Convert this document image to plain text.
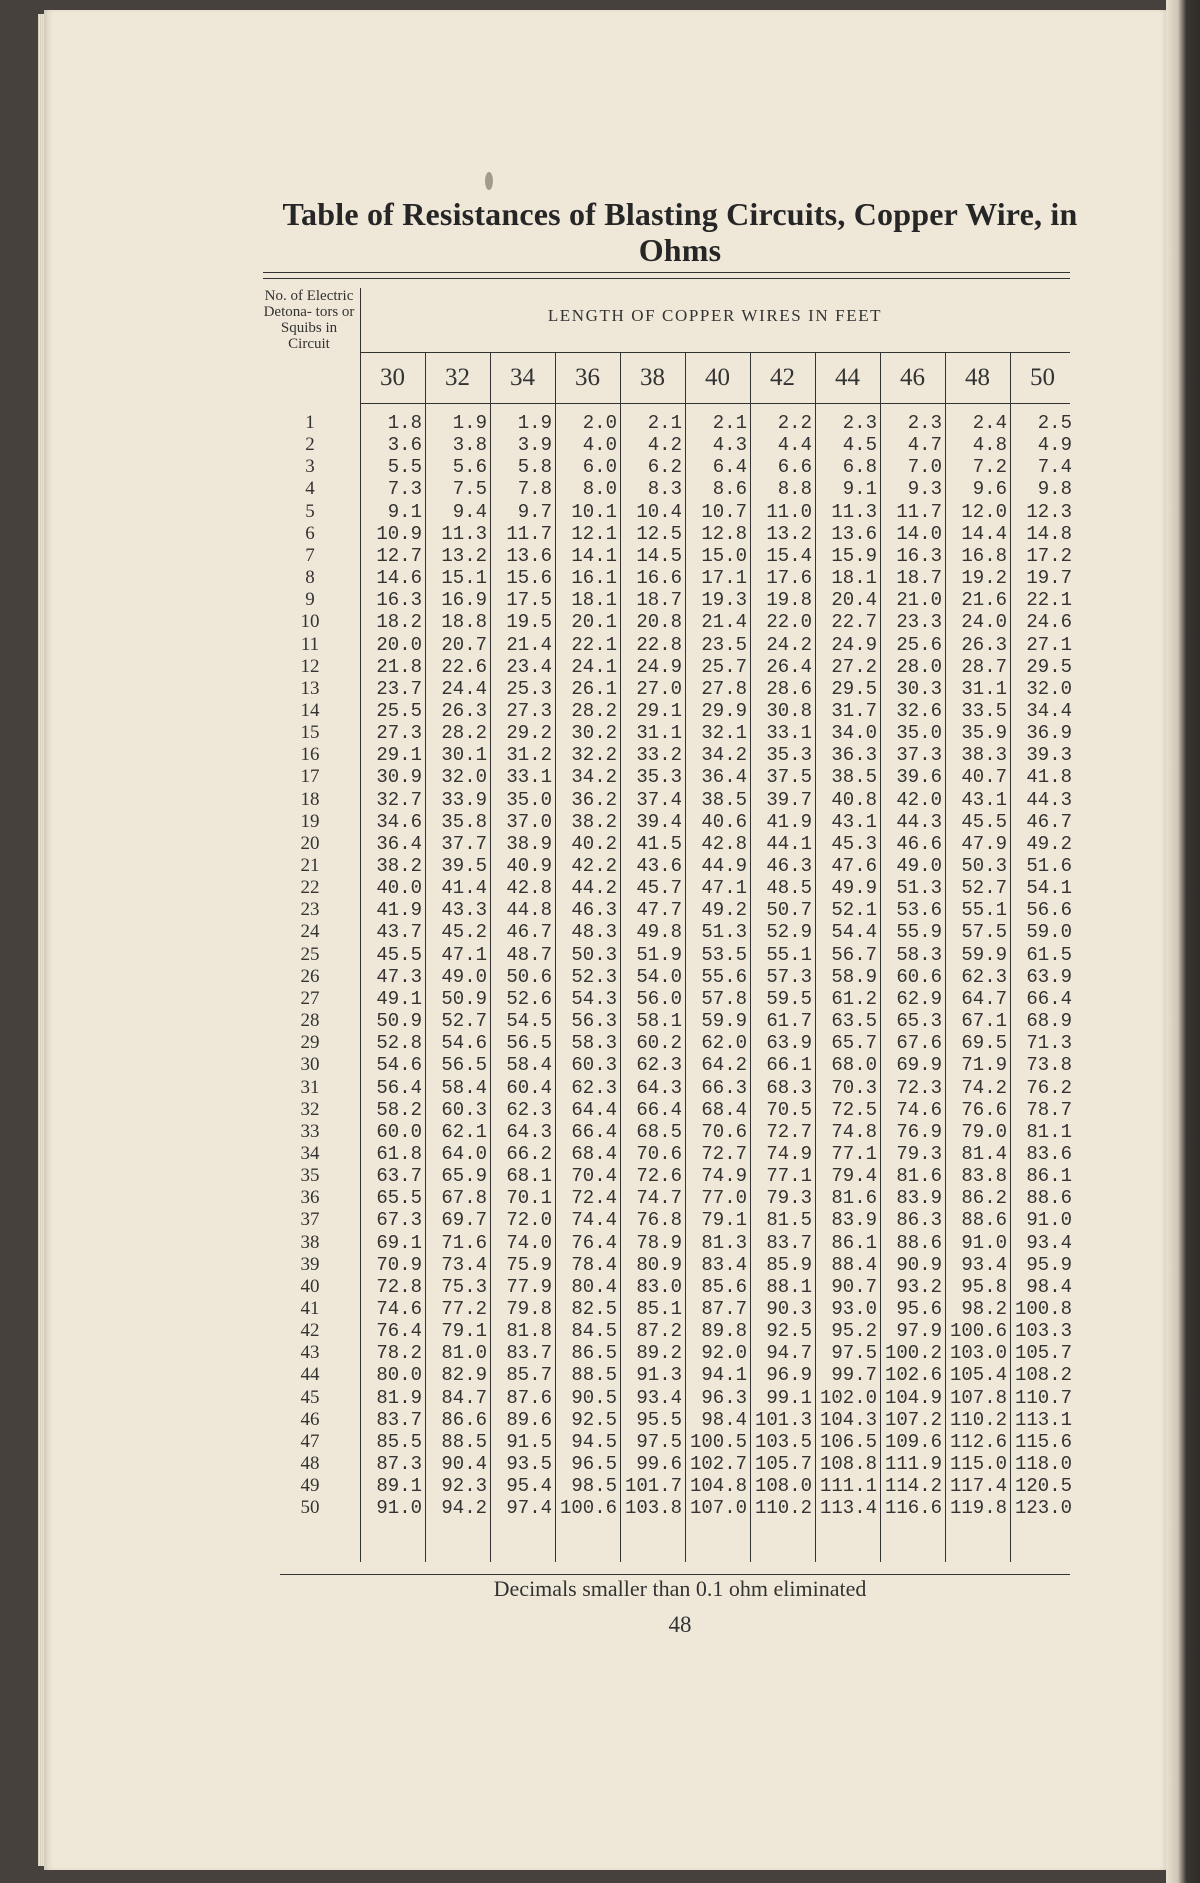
Table of Resistances of Blasting Circuits, Copper Wire, in Ohms
No. of Electric Detona- tors or Squibs in Circuit
LENGTH OF COPPER WIRES IN FEET
30	32	34	36	38	40	42	44	46	48	50
1	1.8	1.9	1.9	2.0	2.1	2.1	2.2	2.3	2.3	2.4	2.5
2	3.6	3.8	3.9	4.0	4.2	4.3	4.4	4.5	4.7	4.8	4.9
3	5.5	5.6	5.8	6.0	6.2	6.4	6.6	6.8	7.0	7.2	7.4
4	7.3	7.5	7.8	8.0	8.3	8.6	8.8	9.1	9.3	9.6	9.8
5	9.1	9.4	9.7	10.1	10.4	10.7	11.0	11.3	11.7	12.0	12.3
6	10.9	11.3	11.7	12.1	12.5	12.8	13.2	13.6	14.0	14.4	14.8
7	12.7	13.2	13.6	14.1	14.5	15.0	15.4	15.9	16.3	16.8	17.2
8	14.6	15.1	15.6	16.1	16.6	17.1	17.6	18.1	18.7	19.2	19.7
9	16.3	16.9	17.5	18.1	18.7	19.3	19.8	20.4	21.0	21.6	22.1
10	18.2	18.8	19.5	20.1	20.8	21.4	22.0	22.7	23.3	24.0	24.6
11	20.0	20.7	21.4	22.1	22.8	23.5	24.2	24.9	25.6	26.3	27.1
12	21.8	22.6	23.4	24.1	24.9	25.7	26.4	27.2	28.0	28.7	29.5
13	23.7	24.4	25.3	26.1	27.0	27.8	28.6	29.5	30.3	31.1	32.0
14	25.5	26.3	27.3	28.2	29.1	29.9	30.8	31.7	32.6	33.5	34.4
15	27.3	28.2	29.2	30.2	31.1	32.1	33.1	34.0	35.0	35.9	36.9
16	29.1	30.1	31.2	32.2	33.2	34.2	35.3	36.3	37.3	38.3	39.3
17	30.9	32.0	33.1	34.2	35.3	36.4	37.5	38.5	39.6	40.7	41.8
18	32.7	33.9	35.0	36.2	37.4	38.5	39.7	40.8	42.0	43.1	44.3
19	34.6	35.8	37.0	38.2	39.4	40.6	41.9	43.1	44.3	45.5	46.7
20	36.4	37.7	38.9	40.2	41.5	42.8	44.1	45.3	46.6	47.9	49.2
21	38.2	39.5	40.9	42.2	43.6	44.9	46.3	47.6	49.0	50.3	51.6
22	40.0	41.4	42.8	44.2	45.7	47.1	48.5	49.9	51.3	52.7	54.1
23	41.9	43.3	44.8	46.3	47.7	49.2	50.7	52.1	53.6	55.1	56.6
24	43.7	45.2	46.7	48.3	49.8	51.3	52.9	54.4	55.9	57.5	59.0
25	45.5	47.1	48.7	50.3	51.9	53.5	55.1	56.7	58.3	59.9	61.5
26	47.3	49.0	50.6	52.3	54.0	55.6	57.3	58.9	60.6	62.3	63.9
27	49.1	50.9	52.6	54.3	56.0	57.8	59.5	61.2	62.9	64.7	66.4
28	50.9	52.7	54.5	56.3	58.1	59.9	61.7	63.5	65.3	67.1	68.9
29	52.8	54.6	56.5	58.3	60.2	62.0	63.9	65.7	67.6	69.5	71.3
30	54.6	56.5	58.4	60.3	62.3	64.2	66.1	68.0	69.9	71.9	73.8
31	56.4	58.4	60.4	62.3	64.3	66.3	68.3	70.3	72.3	74.2	76.2
32	58.2	60.3	62.3	64.4	66.4	68.4	70.5	72.5	74.6	76.6	78.7
33	60.0	62.1	64.3	66.4	68.5	70.6	72.7	74.8	76.9	79.0	81.1
34	61.8	64.0	66.2	68.4	70.6	72.7	74.9	77.1	79.3	81.4	83.6
35	63.7	65.9	68.1	70.4	72.6	74.9	77.1	79.4	81.6	83.8	86.1
36	65.5	67.8	70.1	72.4	74.7	77.0	79.3	81.6	83.9	86.2	88.6
37	67.3	69.7	72.0	74.4	76.8	79.1	81.5	83.9	86.3	88.6	91.0
38	69.1	71.6	74.0	76.4	78.9	81.3	83.7	86.1	88.6	91.0	93.4
39	70.9	73.4	75.9	78.4	80.9	83.4	85.9	88.4	90.9	93.4	95.9
40	72.8	75.3	77.9	80.4	83.0	85.6	88.1	90.7	93.2	95.8	98.4
41	74.6	77.2	79.8	82.5	85.1	87.7	90.3	93.0	95.6	98.2 100.8
42	76.4	79.1	81.8	84.5	87.2	89.8	92.5	95.2	97.9 100.6 103.3
43	78.2	81.0	83.7	86.5	89.2	92.0	94.7	97.5 100.2 103.0 105.7
44	80.0	82.9	85.7	88.5	91.3	94.1	96.9	99.7 102.6 105.4 108.2
45	81.9	84.7	87.6	90.5	93.4	96.3	99.1 102.0 104.9 107.8 110.7
46	83.7	86.6	89.6	92.5	95.5	98.4 101.3 104.3 107.2 110.2 113.1
47	85.5	88.5	91.5	94.5	97.5 100.5 103.5 106.5 109.6 112.6 115.6
48	87.3	90.4	93.5	96.5	99.6 102.7 105.7 108.8 111.9 115.0 118.0
49	89.1	92.3	95.4	98.5 101.7 104.8 108.0 111.1 114.2 117.4 120.5
50	91.0	94.2	97.4 100.6 103.8 107.0 110.2 113.4 116.6 119.8 123.0
Decimals smaller than 0.1 ohm eliminated
48
